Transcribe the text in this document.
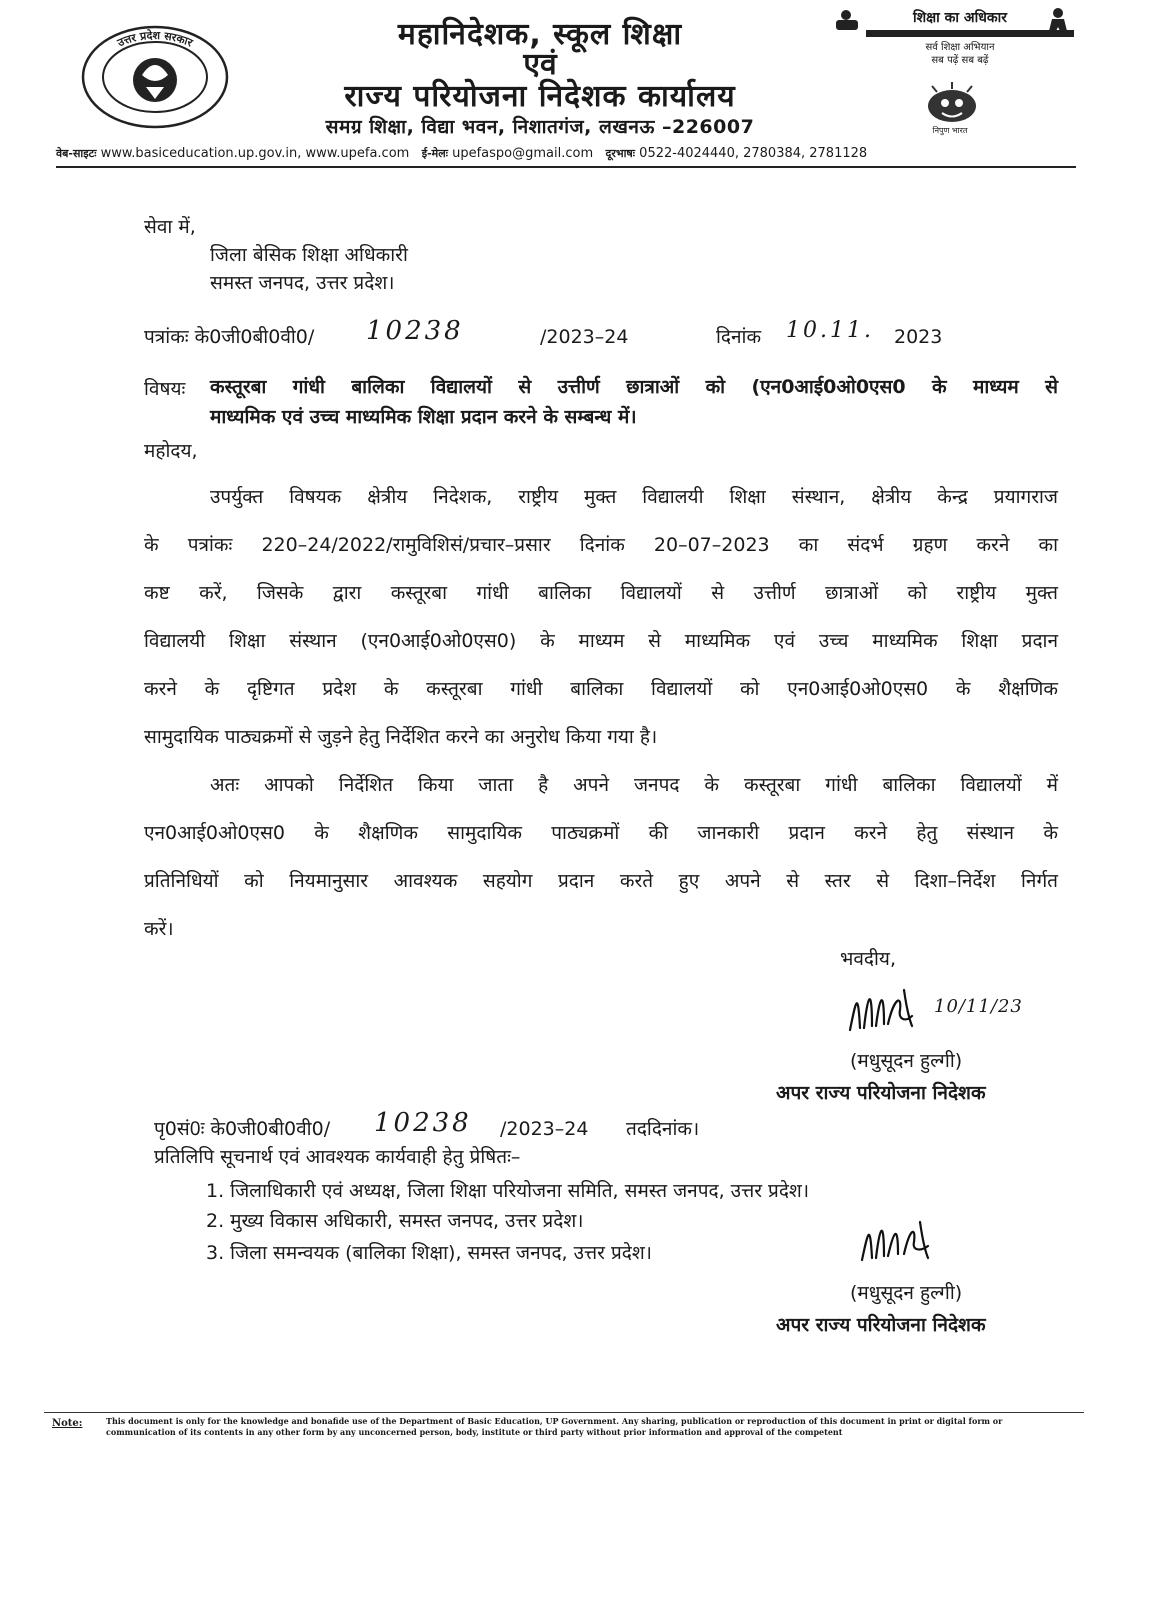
उत्तर प्रदेश सरकार	महानिदेशक, स्कूल शिक्षा
एवं
राज्य परियोजना निदेशक कार्यालय
समग्र शिक्षा, विद्या भवन, निशातगंज, लखनऊ –226007
शिक्षा का अधिकार
सर्व शिक्षा अभियान
सब पढ़ें सब बढ़ें
निपुण भारत
वेब-साइटः www.basiceducation.up.gov.in, www.upefa.com ई-मेलः upefaspo@gmail.com दूरभाषः 0522-4024440, 2780384, 2781128
सेवा में,
जिला बेसिक शिक्षा अधिकारी
समस्त जनपद, उत्तर प्रदेश।
पत्रांकः के0जी0बी0वी0/ 10238	/2023–24	दिनांक 10.11. 2023
विषयः कस्तूरबा गांधी बालिका विद्यालयों से उत्तीर्ण छात्राओं को (एन0आई0ओ0एस0 के माध्यम से
माध्यमिक एवं उच्च माध्यमिक शिक्षा प्रदान करने के सम्बन्ध में।
महोदय,
उपर्युक्त विषयक क्षेत्रीय निदेशक, राष्ट्रीय मुक्त विद्यालयी शिक्षा संस्थान, क्षेत्रीय केन्द्र प्रयागराज
के पत्रांकः 220–24/2022/रामुविशिसं/प्रचार–प्रसार दिनांक 20–07–2023 का संदर्भ ग्रहण करने का
कष्ट करें, जिसके द्वारा कस्तूरबा गांधी बालिका विद्यालयों से उत्तीर्ण छात्राओं को राष्ट्रीय मुक्त
विद्यालयी शिक्षा संस्थान (एन0आई0ओ0एस0) के माध्यम से माध्यमिक एवं उच्च माध्यमिक शिक्षा प्रदान
करने के दृष्टिगत प्रदेश के कस्तूरबा गांधी बालिका विद्यालयों को एन0आई0ओ0एस0 के शैक्षणिक
सामुदायिक पाठ्यक्रमों से जुड़ने हेतु निर्देशित करने का अनुरोध किया गया है।
अतः आपको निर्देशित किया जाता है अपने जनपद के कस्तूरबा गांधी बालिका विद्यालयों में
एन0आई0ओ0एस0 के शैक्षणिक सामुदायिक पाठ्यक्रमों की जानकारी प्रदान करने हेतु संस्थान के
प्रतिनिधियों को नियमानुसार आवश्यक सहयोग प्रदान करते हुए अपने से स्तर से दिशा–निर्देश निर्गत
करें।
भवदीय,
10/11/23
(मधुसूदन हुल्गी)
अपर राज्य परियोजना निदेशक
पृ0सं0ः के0जी0बी0वी0/ 10238 /2023–24 तददिनांक।
प्रतिलिपि सूचनार्थ एवं आवश्यक कार्यवाही हेतु प्रेषितः–
1. जिलाधिकारी एवं अध्यक्ष, जिला शिक्षा परियोजना समिति, समस्त जनपद, उत्तर प्रदेश।
2. मुख्य विकास अधिकारी, समस्त जनपद, उत्तर प्रदेश।
3. जिला समन्वयक (बालिका शिक्षा), समस्त जनपद, उत्तर प्रदेश।
(मधुसूदन हुल्गी)
अपर राज्य परियोजना निदेशक
Note:	This document is only for the knowledge and bonafide use of the Department of Basic Education, UP Government. Any sharing, publication or reproduction of this document in print or digital form or communication of its contents in any other form by any unconcerned person, body, institute or third party without prior information and approval of the competent
